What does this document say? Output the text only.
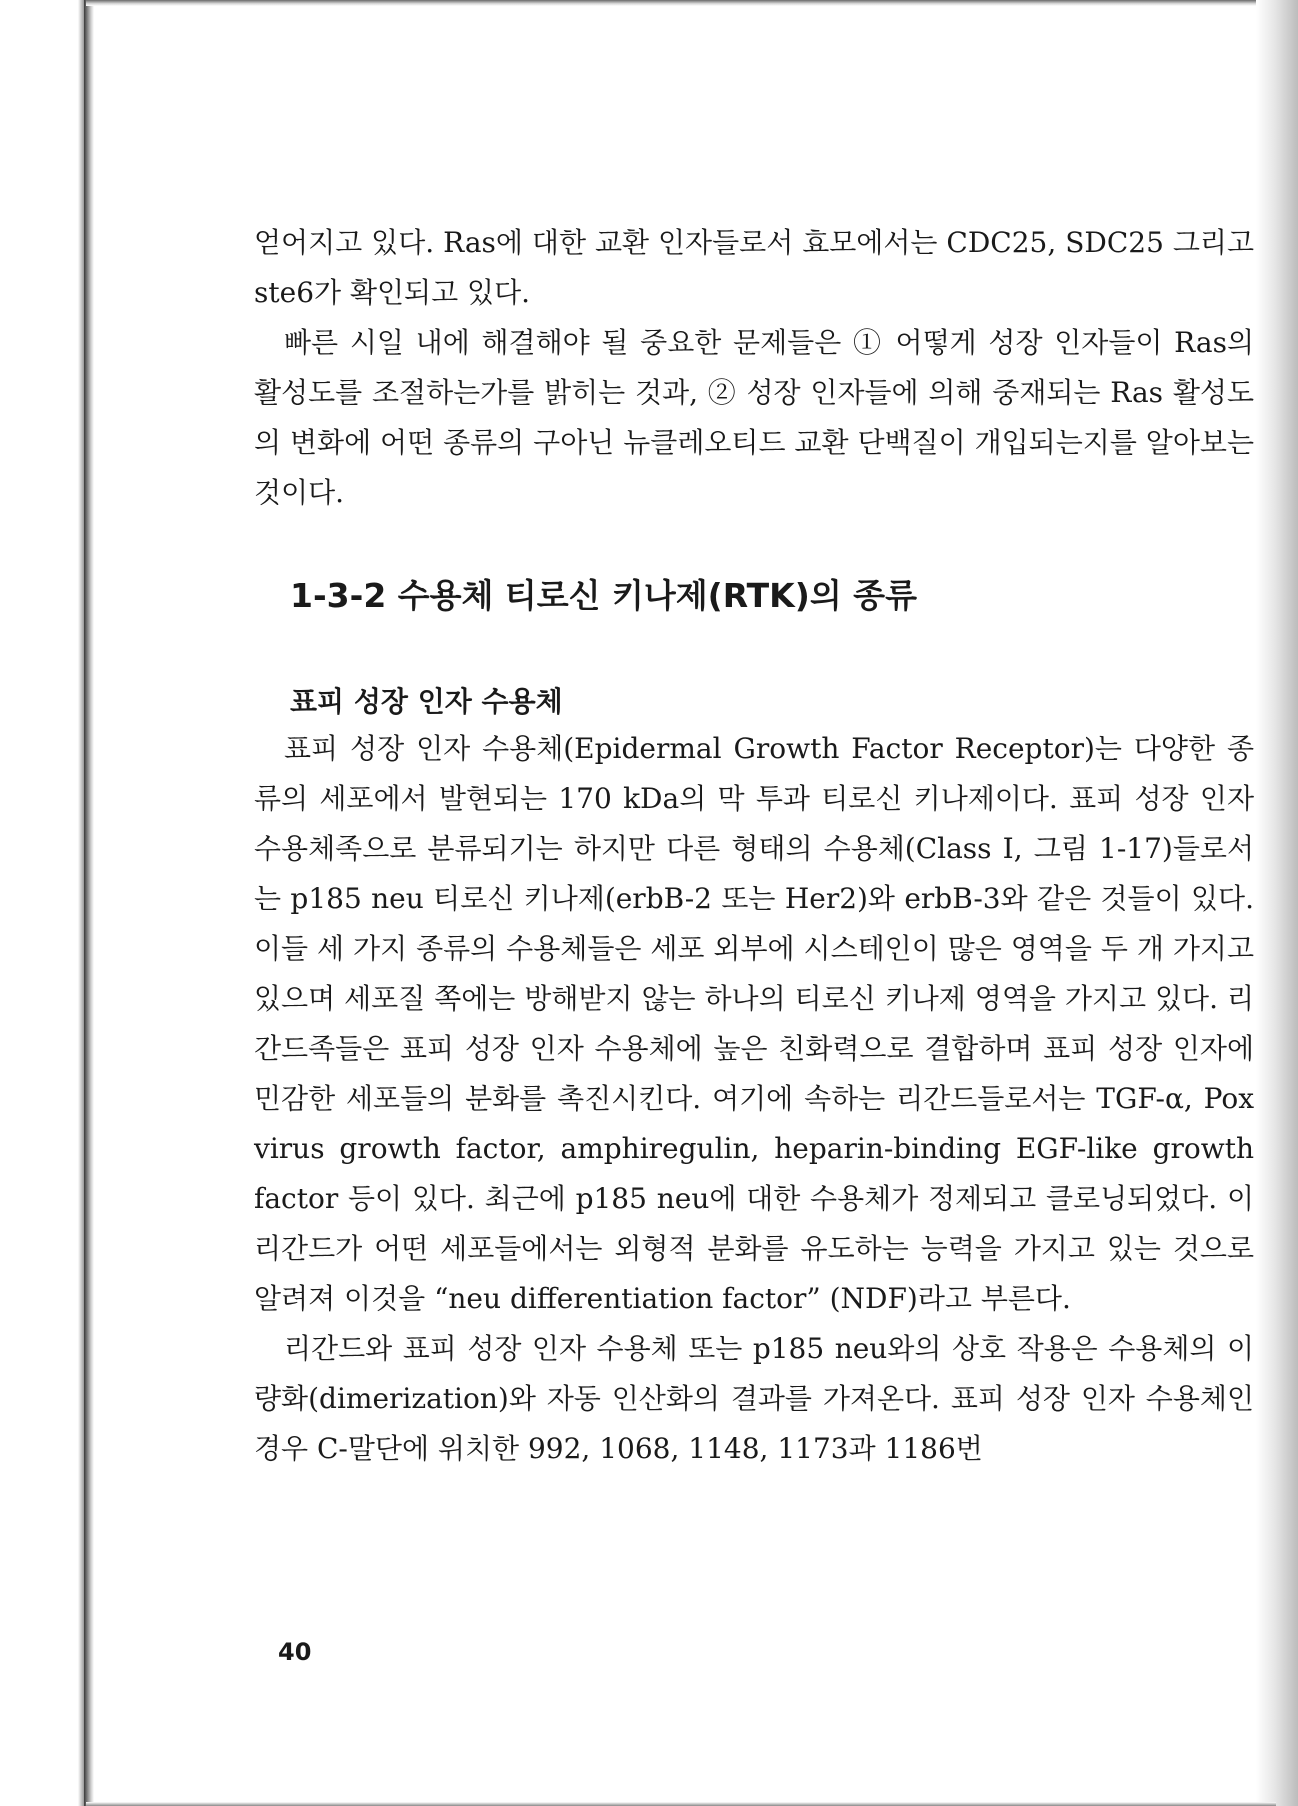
얻어지고 있다. Ras에 대한 교환 인자들로서 효모에서는 CDC25, SDC25 그리고 ste6가 확인되고 있다.

빠른 시일 내에 해결해야 될 중요한 문제들은 ① 어떻게 성장 인자들이 Ras의 활성도를 조절하는가를 밝히는 것과, ② 성장 인자들에 의해 중재되는 Ras 활성도의 변화에 어떤 종류의 구아닌 뉴클레오티드 교환 단백질이 개입되는지를 알아보는 것이다.

1-3-2 수용체 티로신 키나제(RTK)의 종류
표피 성장 인자 수용체

표피 성장 인자 수용체(Epidermal Growth Factor Receptor)는 다양한 종류의 세포에서 발현되는 170 kDa의 막 투과 티로신 키나제이다. 표피 성장 인자 수용체족으로 분류되기는 하지만 다른 형태의 수용체(Class I, 그림 1-17)들로서는 p185 neu 티로신 키나제(erbB-2 또는 Her2)와 erbB-3와 같은 것들이 있다. 이들 세 가지 종류의 수용체들은 세포 외부에 시스테인이 많은 영역을 두 개 가지고 있으며 세포질 쪽에는 방해받지 않는 하나의 티로신 키나제 영역을 가지고 있다. 리간드족들은 표피 성장 인자 수용체에 높은 친화력으로 결합하며 표피 성장 인자에 민감한 세포들의 분화를 촉진시킨다. 여기에 속하는 리간드들로서는 TGF-α, Pox virus growth factor, amphiregulin, heparin-binding EGF-like growth factor 등이 있다. 최근에 p185 neu에 대한 수용체가 정제되고 클로닝되었다. 이 리간드가 어떤 세포들에서는 외형적 분화를 유도하는 능력을 가지고 있는 것으로 알려져 이것을 “neu differentiation factor” (NDF)라고 부른다.

리간드와 표피 성장 인자 수용체 또는 p185 neu와의 상호 작용은 수용체의 이량화(dimerization)와 자동 인산화의 결과를 가져온다. 표피 성장 인자 수용체인 경우 C-말단에 위치한 992, 1068, 1148, 1173과 1186번

40
